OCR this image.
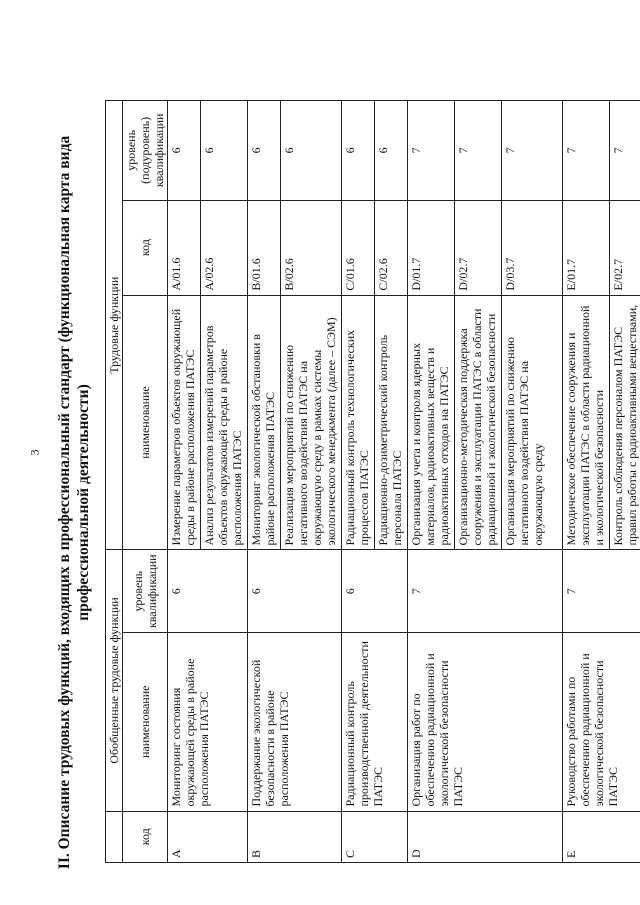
3 II. Описание трудовых функций, входящих в профессиональный стандарт (функциональная карта вида профессиональной деятельности)
	Обобщенные трудовые функции		Трудовые функции		
код	наименование	уровень квалификации	наименование	код	уровень (подуровень) квалификации
A	Мониторинг состояния окружающей среды в районе расположения ПАТЭС	6	Измерение параметров объектов окружающей среды в районе расположения ПАТЭС	A/01.6	6
			Анализ результатов измерений параметров объектов окружающей среды в районе расположения ПАТЭС	A/02.6	6
B	Поддержание экологической безопасности в районе расположения ПАТЭС	6	Мониторинг экологической обстановки в районе расположения ПАТЭС	B/01.6	6
			Реализация мероприятий по снижению негативного воздействия ПАТЭС на окружающую среду в рамках системы экологического менеджмента (далее – СЭМ)	B/02.6	6
C	Радиационный контроль производственной деятельности ПАТЭС	6	Радиационный контроль технологических процессов ПАТЭС	C/01.6	6
			Радиационно-дозиметрический контроль персонала ПАТЭС	C/02.6	6
D	Организация работ по обеспечению радиационной и экологической безопасности ПАТЭС	7	Организация учета и контроля ядерных материалов, радиоактивных веществ и радиоактивных отходов на ПАТЭС	D/01.7	7
			Организационно-методическая поддержка сооружения и эксплуатации ПАТЭС в области радиационной и экологической безопасности	D/02.7	7
			Организация мероприятий по снижению негативного воздействия ПАТЭС на окружающую среду	D/03.7	7
E	Руководство работами по обеспечению радиационной и экологической безопасности ПАТЭС	7	Методическое обеспечение сооружения и эксплуатации ПАТЭС в области радиационной и экологической безопасности	E/01.7	7
			Контроль соблюдения персоналом ПАТЭС правил работы с радиоактивными веществами,	E/02.7	7
